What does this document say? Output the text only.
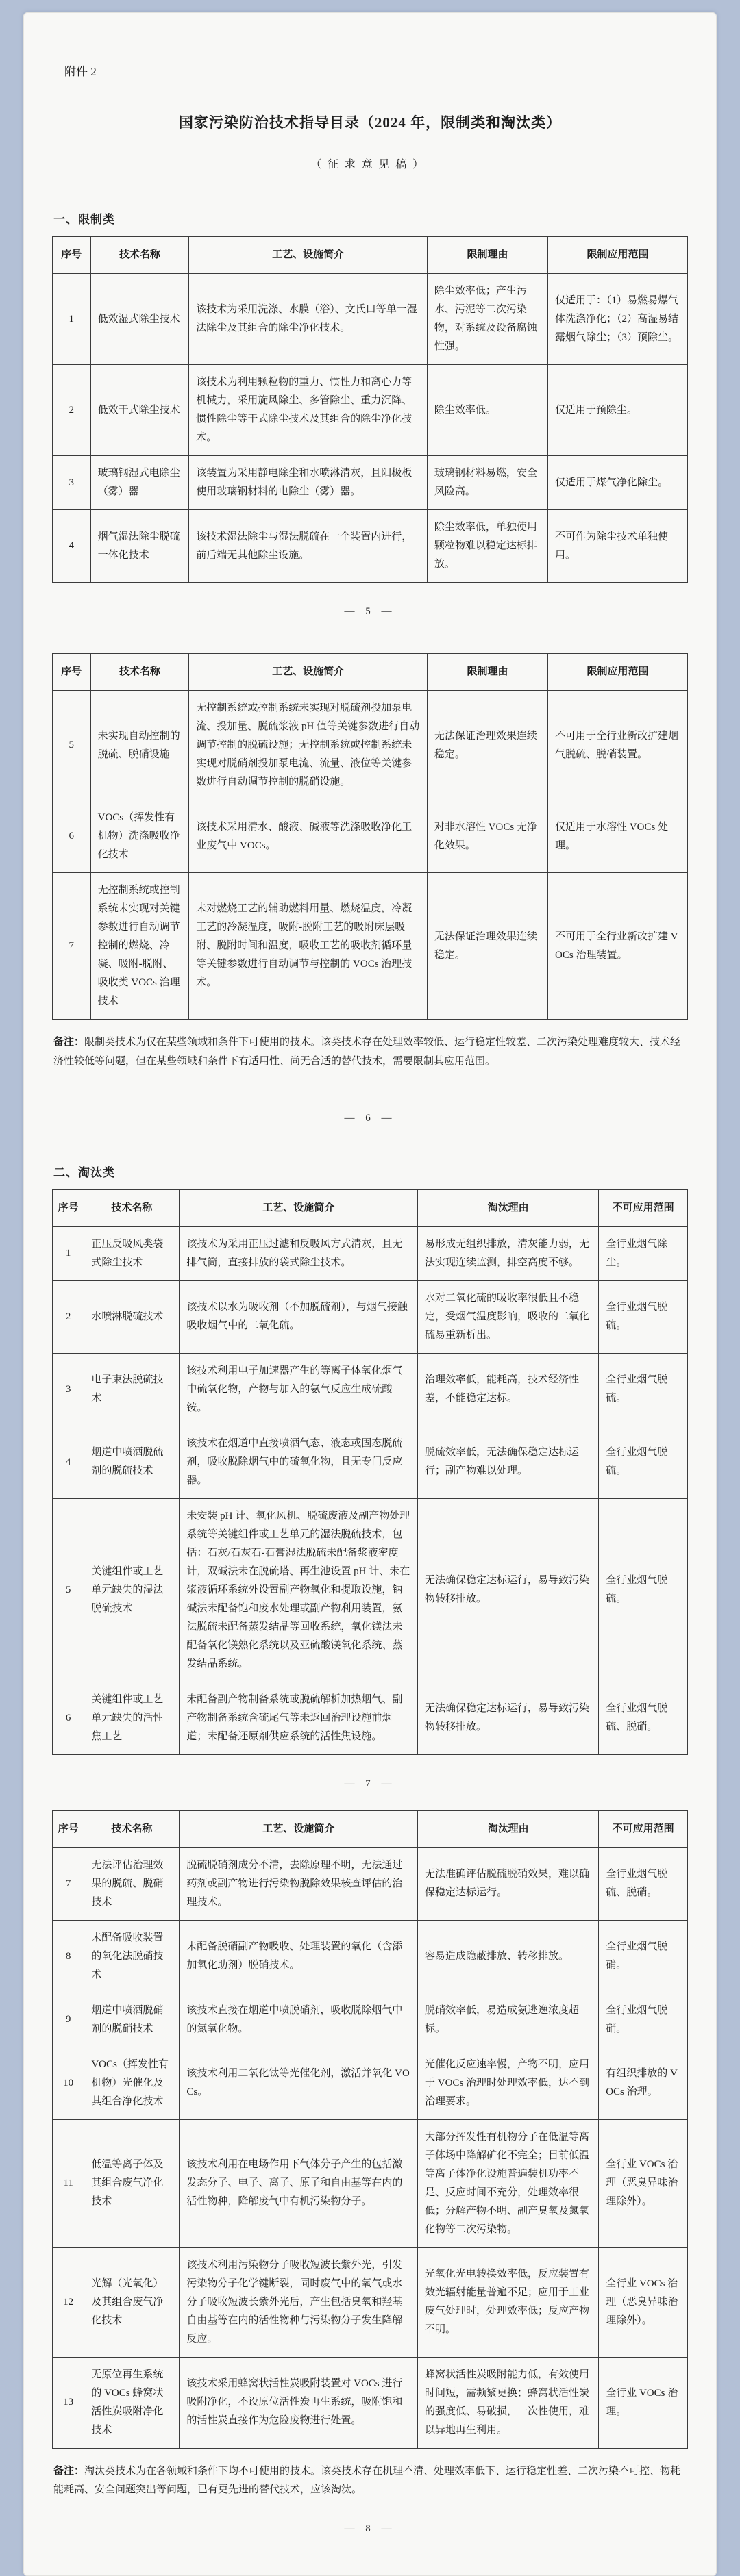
附件 2
国家污染防治技术指导目录（2024 年，限制类和淘汰类）
（征求意见稿）
一、限制类
序号	技术名称	工艺、设施简介	限制理由	限制应用范围
1	低效湿式除尘技术	该技术为采用洗涤、水膜（浴）、文氏口等单一湿法除尘及其组合的除尘净化技术。	除尘效率低；产生污水、污泥等二次污染物，对系统及设备腐蚀性强。	仅适用于：（1）易燃易爆气体洗涤净化；（2）高湿易结露烟气除尘；（3）预除尘。
2	低效干式除尘技术	该技术为利用颗粒物的重力、惯性力和离心力等机械力，采用旋风除尘、多管除尘、重力沉降、惯性除尘等干式除尘技术及其组合的除尘净化技术。	除尘效率低。	仅适用于预除尘。
3	玻璃钢湿式电除尘（雾）器	该装置为采用静电除尘和水喷淋清灰，且阳极板使用玻璃钢材料的电除尘（雾）器。	玻璃钢材料易燃，安全风险高。	仅适用于煤气净化除尘。
4	烟气湿法除尘脱硫一体化技术	该技术湿法除尘与湿法脱硫在一个装置内进行，前后端无其他除尘设施。	除尘效率低，单独使用颗粒物难以稳定达标排放。	不可作为除尘技术单独使用。
— 5 —
序号	技术名称	工艺、设施简介	限制理由	限制应用范围
5	未实现自动控制的脱硫、脱硝设施	无控制系统或控制系统未实现对脱硫剂投加泵电流、投加量、脱硫浆液 pH 值等关键参数进行自动调节控制的脱硫设施；无控制系统或控制系统未实现对脱硝剂投加泵电流、流量、液位等关键参数进行自动调节控制的脱硝设施。	无法保证治理效果连续稳定。	不可用于全行业新改扩建烟气脱硫、脱硝装置。
6	VOCs（挥发性有机物）洗涤吸收净化技术	该技术采用清水、酸液、碱液等洗涤吸收净化工业废气中 VOCs。	对非水溶性 VOCs 无净化效果。	仅适用于水溶性 VOCs 处理。
7	无控制系统或控制系统未实现对关键参数进行自动调节控制的燃烧、冷凝、吸附-脱附、吸收类 VOCs 治理技术	未对燃烧工艺的辅助燃料用量、燃烧温度，冷凝工艺的冷凝温度，吸附-脱附工艺的吸附床层吸附、脱附时间和温度，吸收工艺的吸收剂循环量等关键参数进行自动调节与控制的 VOCs 治理技术。	无法保证治理效果连续稳定。	不可用于全行业新改扩建 VOCs 治理装置。
备注：限制类技术为仅在某些领域和条件下可使用的技术。该类技术存在处理效率较低、运行稳定性较差、二次污染处理难度较大、技术经济性较低等问题，但在某些领域和条件下有适用性、尚无合适的替代技术，需要限制其应用范围。
— 6 —
二、淘汰类
序号	技术名称	工艺、设施简介	淘汰理由	不可应用范围
1	正压反吸风类袋式除尘技术	该技术为采用正压过滤和反吸风方式清灰，且无排气筒，直接排放的袋式除尘技术。	易形成无组织排放，清灰能力弱，无法实现连续监测，排空高度不够。	全行业烟气除尘。
2	水喷淋脱硫技术	该技术以水为吸收剂（不加脱硫剂），与烟气接触吸收烟气中的二氧化硫。	水对二氧化硫的吸收率很低且不稳定，受烟气温度影响，吸收的二氧化硫易重新析出。	全行业烟气脱硫。
3	电子束法脱硫技术	该技术利用电子加速器产生的等离子体氧化烟气中硫氧化物，产物与加入的氨气反应生成硫酸铵。	治理效率低，能耗高，技术经济性差，不能稳定达标。	全行业烟气脱硫。
4	烟道中喷洒脱硫剂的脱硫技术	该技术在烟道中直接喷洒气态、液态或固态脱硫剂，吸收脱除烟气中的硫氧化物，且无专门反应器。	脱硫效率低，无法确保稳定达标运行；副产物难以处理。	全行业烟气脱硫。
5	关键组件或工艺单元缺失的湿法脱硫技术	未安装 pH 计、氧化风机、脱硫废液及副产物处理系统等关键组件或工艺单元的湿法脱硫技术，包括：石灰/石灰石-石膏湿法脱硫未配备浆液密度计，双碱法未在脱硫塔、再生池设置 pH 计、未在浆液循环系统外设置副产物氧化和提取设施，钠碱法未配备饱和废水处理或副产物利用装置，氨法脱硫未配备蒸发结晶等回收系统，氧化镁法未配备氧化镁熟化系统以及亚硫酸镁氧化系统、蒸发结晶系统。	无法确保稳定达标运行，易导致污染物转移排放。	全行业烟气脱硫。
6	关键组件或工艺单元缺失的活性焦工艺	未配备副产物制备系统或脱硫解析加热烟气、副产物制备系统含硫尾气等未返回治理设施前烟道；未配备还原剂供应系统的活性焦设施。	无法确保稳定达标运行，易导致污染物转移排放。	全行业烟气脱硫、脱硝。
— 7 —
序号	技术名称	工艺、设施简介	淘汰理由	不可应用范围
7	无法评估治理效果的脱硫、脱硝技术	脱硫脱硝剂成分不清，去除原理不明，无法通过药剂或副产物进行污染物脱除效果核查评估的治理技术。	无法准确评估脱硫脱硝效果，难以确保稳定达标运行。	全行业烟气脱硫、脱硝。
8	未配备吸收装置的氧化法脱硝技术	未配备脱硝副产物吸收、处理装置的氧化（含添加氧化助剂）脱硝技术。	容易造成隐蔽排放、转移排放。	全行业烟气脱硝。
9	烟道中喷洒脱硝剂的脱硝技术	该技术直接在烟道中喷脱硝剂，吸收脱除烟气中的氮氧化物。	脱硝效率低，易造成氨逃逸浓度超标。	全行业烟气脱硝。
10	VOCs（挥发性有机物）光催化及其组合净化技术	该技术利用二氧化钛等光催化剂，激活并氧化 VOCs。	光催化反应速率慢，产物不明，应用于 VOCs 治理时处理效率低，达不到治理要求。	有组织排放的 VOCs 治理。
11	低温等离子体及其组合废气净化技术	该技术利用在电场作用下气体分子产生的包括激发态分子、电子、离子、原子和自由基等在内的活性物种，降解废气中有机污染物分子。	大部分挥发性有机物分子在低温等离子体场中降解矿化不完全；目前低温等离子体净化设施普遍装机功率不足、反应时间不充分，处理效率很低；分解产物不明、副产臭氧及氮氧化物等二次污染物。	全行业 VOCs 治理（恶臭异味治理除外）。
12	光解（光氧化）及其组合废气净化技术	该技术利用污染物分子吸收短波长紫外光，引发污染物分子化学键断裂，同时废气中的氧气或水分子吸收短波长紫外光后，产生包括臭氧和羟基自由基等在内的活性物种与污染物分子发生降解反应。	光氧化光电转换效率低，反应装置有效光辐射能量普遍不足；应用于工业废气处理时，处理效率低；反应产物不明。	全行业 VOCs 治理（恶臭异味治理除外）。
13	无原位再生系统的 VOCs 蜂窝状活性炭吸附净化技术	该技术采用蜂窝状活性炭吸附装置对 VOCs 进行吸附净化，不设原位活性炭再生系统，吸附饱和的活性炭直接作为危险废物进行处置。	蜂窝状活性炭吸附能力低，有效使用时间短，需频繁更换；蜂窝状活性炭的强度低、易破损，一次性使用，难以异地再生利用。	全行业 VOCs 治理。
备注：淘汰类技术为在各领域和条件下均不可使用的技术。该类技术存在机理不清、处理效率低下、运行稳定性差、二次污染不可控、物耗能耗高、安全问题突出等问题，已有更先进的替代技术，应该淘汰。
— 8 —
